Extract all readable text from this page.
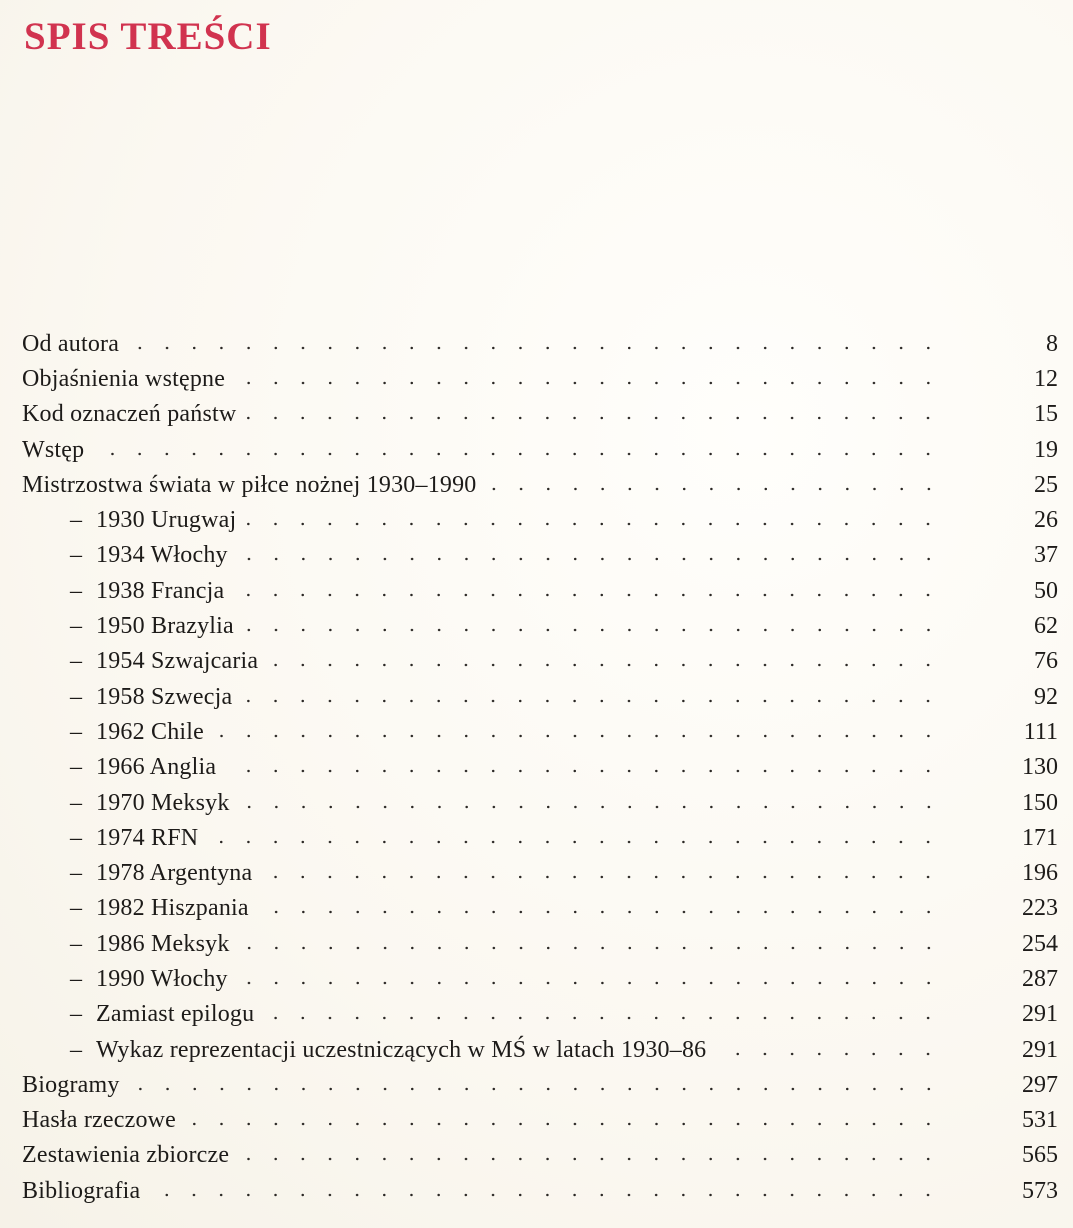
SPIS TREŚCI
Od autora	8
Objaśnienia wstępne	12
Kod oznaczeń państw	15
Wstęp	19
Mistrzostwa świata w piłce nożnej 1930–1990	25
– 1930 Urugwaj	26
– 1934 Włochy	37
– 1938 Francja	50
– 1950 Brazylia	62
– 1954 Szwajcaria	76
– 1958 Szwecja	92
– 1962 Chile	111
– 1966 Anglia	130
– 1970 Meksyk	150
– 1974 RFN	171
– 1978 Argentyna	196
– 1982 Hiszpania	223
– 1986 Meksyk	254
– 1990 Włochy	287
– Zamiast epilogu	291
– Wykaz reprezentacji uczestniczących w MŚ w latach 1930–86	291
Biogramy	297
Hasła rzeczowe	531
Zestawienia zbiorcze	565
Bibliografia	573
